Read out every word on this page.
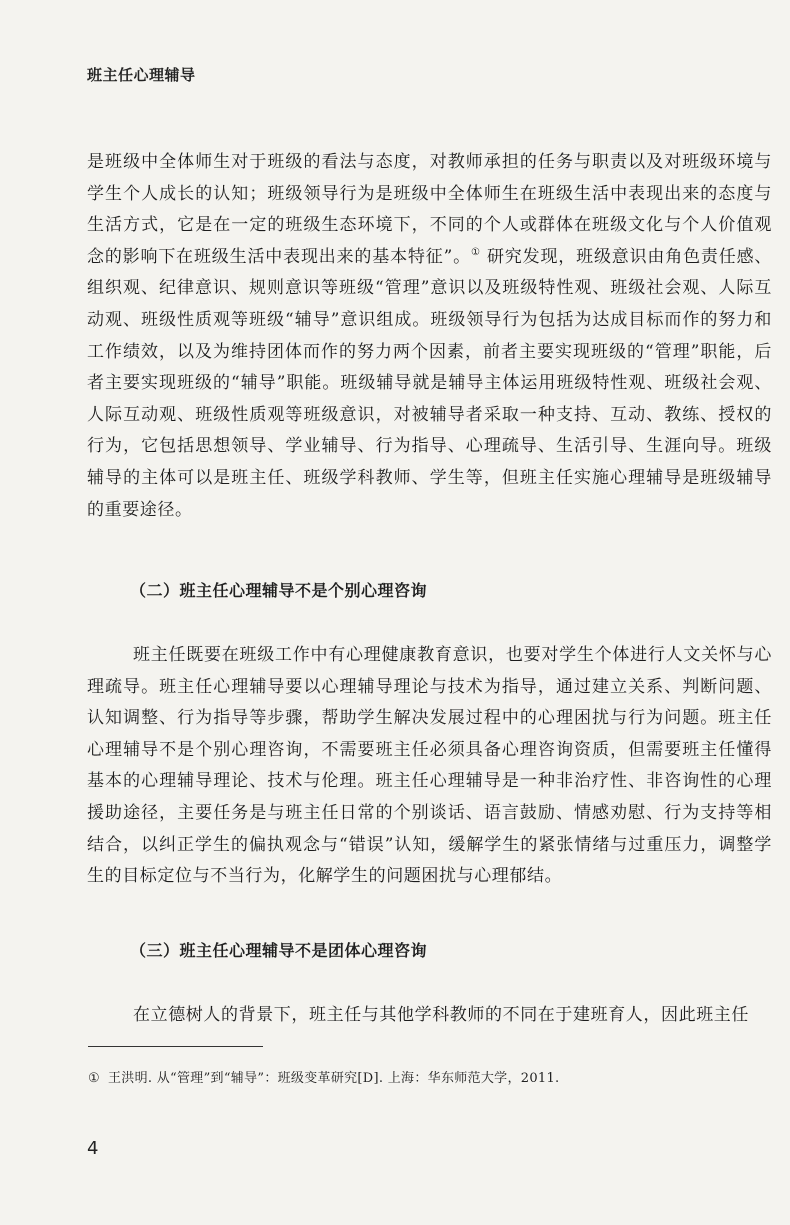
班主任心理辅导

是班级中全体师生对于班级的看法与态度，对教师承担的任务与职责以及对班级环境与学生个人成长的认知；班级领导行为是班级中全体师生在班级生活中表现出来的态度与生活方式，它是在一定的班级生态环境下，不同的个人或群体在班级文化与个人价值观念的影响下在班级生活中表现出来的基本特征”。① 研究发现，班级意识由角色责任感、组织观、纪律意识、规则意识等班级“管理”意识以及班级特性观、班级社会观、人际互动观、班级性质观等班级“辅导”意识组成。班级领导行为包括为达成目标而作的努力和工作绩效，以及为维持团体而作的努力两个因素，前者主要实现班级的“管理”职能，后者主要实现班级的“辅导”职能。班级辅导就是辅导主体运用班级特性观、班级社会观、人际互动观、班级性质观等班级意识，对被辅导者采取一种支持、互动、教练、授权的行为，它包括思想领导、学业辅导、行为指导、心理疏导、生活引导、生涯向导。班级辅导的主体可以是班主任、班级学科教师、学生等，但班主任实施心理辅导是班级辅导的重要途径。

（二）班主任心理辅导不是个别心理咨询

班主任既要在班级工作中有心理健康教育意识，也要对学生个体进行人文关怀与心理疏导。班主任心理辅导要以心理辅导理论与技术为指导，通过建立关系、判断问题、认知调整、行为指导等步骤，帮助学生解决发展过程中的心理困扰与行为问题。班主任心理辅导不是个别心理咨询，不需要班主任必须具备心理咨询资质，但需要班主任懂得基本的心理辅导理论、技术与伦理。班主任心理辅导是一种非治疗性、非咨询性的心理援助途径，主要任务是与班主任日常的个别谈话、语言鼓励、情感劝慰、行为支持等相结合，以纠正学生的偏执观念与“错误”认知，缓解学生的紧张情绪与过重压力，调整学生的目标定位与不当行为，化解学生的问题困扰与心理郁结。

（三）班主任心理辅导不是团体心理咨询

在立德树人的背景下，班主任与其他学科教师的不同在于建班育人，因此班主任

① 王洪明. 从“管理”到“辅导”：班级变革研究[D]. 上海：华东师范大学，2011.
4
